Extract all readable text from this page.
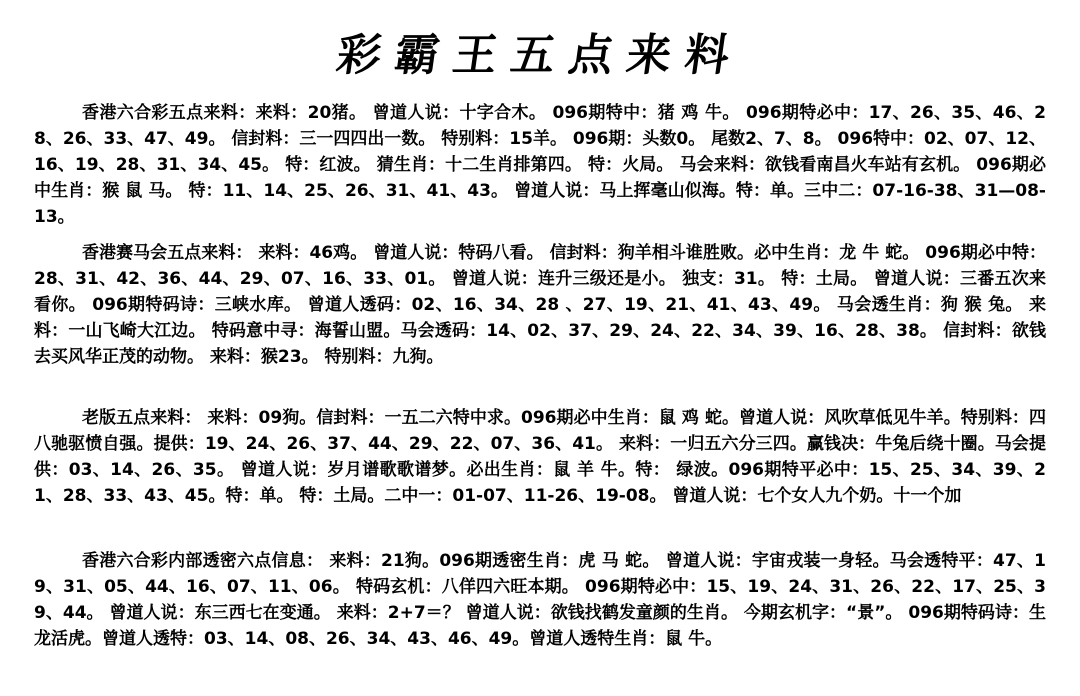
彩霸王五点来料
香港六合彩五点来料：来料：20猪。 曾道人说：十字合木。 096期特中：猪 鸡 牛。 096期特必中：17、26、35、46、28、26、33、47、49。 信封料：三一四四出一数。 特别料：15羊。 096期：头数0。 尾数2、7、8。 096特中：02、07、12、16、19、28、31、34、45。 特：红波。 猜生肖：十二生肖排第四。 特：火局。 马会来料：欲钱看南昌火车站有玄机。 096期必中生肖：猴 鼠 马。 特：11、14、25、26、31、41、43。 曾道人说：马上挥毫山似海。特：单。三中二：07-16-38、31—08-13。
香港赛马会五点来料： 来料：46鸡。 曾道人说：特码八看。 信封料：狗羊相斗谁胜败。必中生肖：龙 牛 蛇。 096期必中特：28、31、42、36、44、29、07、16、33、01。 曾道人说：连升三级还是小。 独支：31。 特：土局。 曾道人说：三番五次来看你。 096期特码诗：三峡水库。 曾道人透码：02、16、34、28 、27、19、21、41、43、49。 马会透生肖：狗 猴 兔。 来料：一山飞崎大江边。 特码意中寻：海誓山盟。马会透码：14、02、37、29、24、22、34、39、16、28、38。 信封料：欲钱去买风华正茂的动物。 来料：猴23。 特别料：九狗。
老版五点来料： 来料：09狗。信封料：一五二六特中求。096期必中生肖：鼠 鸡 蛇。曾道人说：风吹草低见牛羊。特别料：四八驰驱愤自强。提供：19、24、26、37、44、29、22、07、36、41。 来料：一归五六分三四。赢钱决：牛兔后绕十圈。马会提供：03、14、26、35。 曾道人说：岁月谱歌歌谱梦。必出生肖：鼠 羊 牛。特： 绿波。096期特平必中：15、25、34、39、21、28、33、43、45。特：单。 特：土局。二中一：01-07、11-26、19-08。 曾道人说：七个女人九个奶。十一个加
香港六合彩内部透密六点信息： 来料：21狗。096期透密生肖：虎 马 蛇。 曾道人说：宇宙戎装一身轻。马会透特平：47、19、31、05、44、16、07、11、06。 特码玄机：八佯四六旺本期。 096期特必中：15、19、24、31、26、22、17、25、39、44。 曾道人说：东三西七在变通。 来料：2+7＝？ 曾道人说：欲钱找鹤发童颜的生肖。 今期玄机字：“景”。 096期特码诗：生龙活虎。曾道人透特：03、14、08、26、34、43、46、49。曾道人透特生肖：鼠 牛。
